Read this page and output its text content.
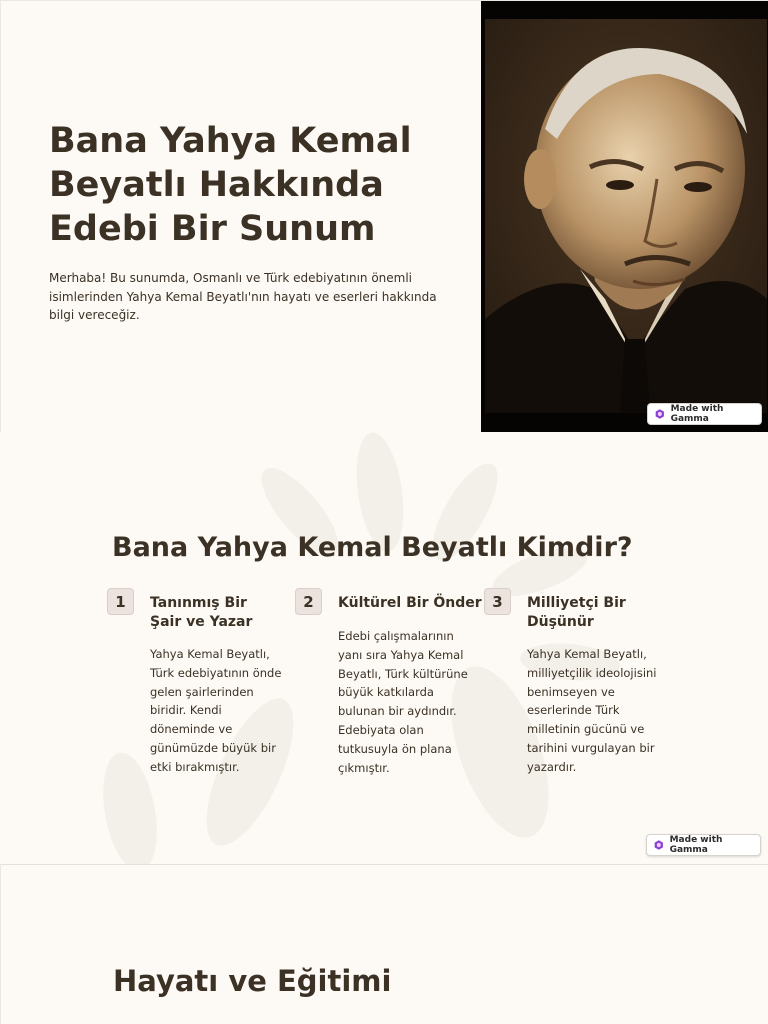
Bana Yahya Kemal Beyatlı Hakkında Edebi Bir Sunum

Merhaba! Bu sunumda, Osmanlı ve Türk edebiyatının önemli isimlerinden Yahya Kemal Beyatlı'nın hayatı ve eserleri hakkında bilgi vereceğiz.

Made with Gamma
Bana Yahya Kemal Beyatlı Kimdir?
1	Tanınmış Bir Şair ve Yazar
Yahya Kemal Beyatlı, Türk edebiyatının önde gelen şairlerinden biridir. Kendi döneminde ve günümüzde büyük bir etki bırakmıştır.
2	Kültürel Bir Önder
Edebi çalışmalarının yanı sıra Yahya Kemal Beyatlı, Türk kültürüne büyük katkılarda bulunan bir aydındır. Edebiyata olan tutkusuyla ön plana çıkmıştır.
3	Milliyetçi Bir Düşünür
Yahya Kemal Beyatlı, milliyetçilik ideolojisini benimseyen ve eserlerinde Türk milletinin gücünü ve tarihini vurgulayan bir yazardır.
Made with Gamma
Hayatı ve Eğitimi
